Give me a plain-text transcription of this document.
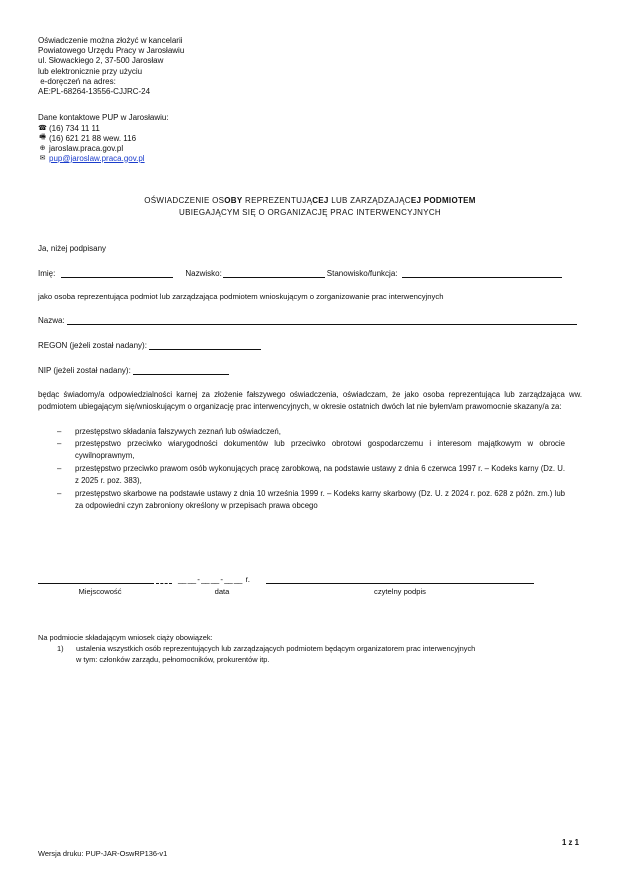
Oświadczenie można złożyć w kancelarii
Powiatowego Urzędu Pracy w Jarosławiu
ul. Słowackiego 2, 37-500 Jarosław
lub elektronicznie przy użyciu
e-doręczeń na adres:
AE:PL-68264-13556-CJJRC-24
Dane kontaktowe PUP w Jarosławiu:
☎ (16) 734 11 11
🖷 (16) 621 21 88 wew. 116
⊕ jaroslaw.praca.gov.pl
✉ pup@jaroslaw.praca.gov.pl
OŚWIADCZENIE OSOBY REPREZENTUJĄCEJ LUB ZARZĄDZAJĄCEJ PODMIOTEM
UBIEGAJĄCYM SIĘ O ORGANIZACJĘ PRAC INTERWENCYJNYCH
Ja, niżej podpisany
Imię:	Nazwisko:	Stanowisko/funkcja:
jako osoba reprezentująca podmiot lub zarządzająca podmiotem wnioskującym o zorganizowanie prac interwencyjnych
Nazwa:
REGON (jeżeli został nadany):
NIP (jeżeli został nadany):
będąc świadomy/a odpowiedzialności karnej za złożenie fałszywego oświadczenia, oświadczam, że jako osoba reprezentująca lub zarządzająca ww. podmiotem ubiegającym się/wnioskującym o organizację prac interwencyjnych, w okresie ostatnich dwóch lat nie byłem/am prawomocnie skazany/a za:
– przestępstwo składania fałszywych zeznań lub oświadczeń,
– przestępstwo przeciwko wiarygodności dokumentów lub przeciwko obrotowi gospodarczemu i interesom majątkowym w obrocie cywilnoprawnym,
– przestępstwo przeciwko prawom osób wykonujących pracę zarobkową, na podstawie ustawy z dnia 6 czerwca 1997 r. – Kodeks karny (Dz. U. z 2025 r. poz. 383),
– przestępstwo skarbowe na podstawie ustawy z dnia 10 września 1999 r. – Kodeks karny skarbowy (Dz. U. z 2024 r. poz. 628 z późn. zm.) lub za odpowiedni czyn zabroniony określony w przepisach prawa obcego
__ __ - __ __ - __ __ r.
Miejscowość	data	czytelny podpis
Na podmiocie składającym wniosek ciąży obowiązek:
1) ustalenia wszystkich osób reprezentujących lub zarządzających podmiotem będącym organizatorem prac interwencyjnych
w tym: członków zarządu, pełnomocników, prokurentów itp.
1 z 1
Wersja druku: PUP-JAR-OswRP136-v1
